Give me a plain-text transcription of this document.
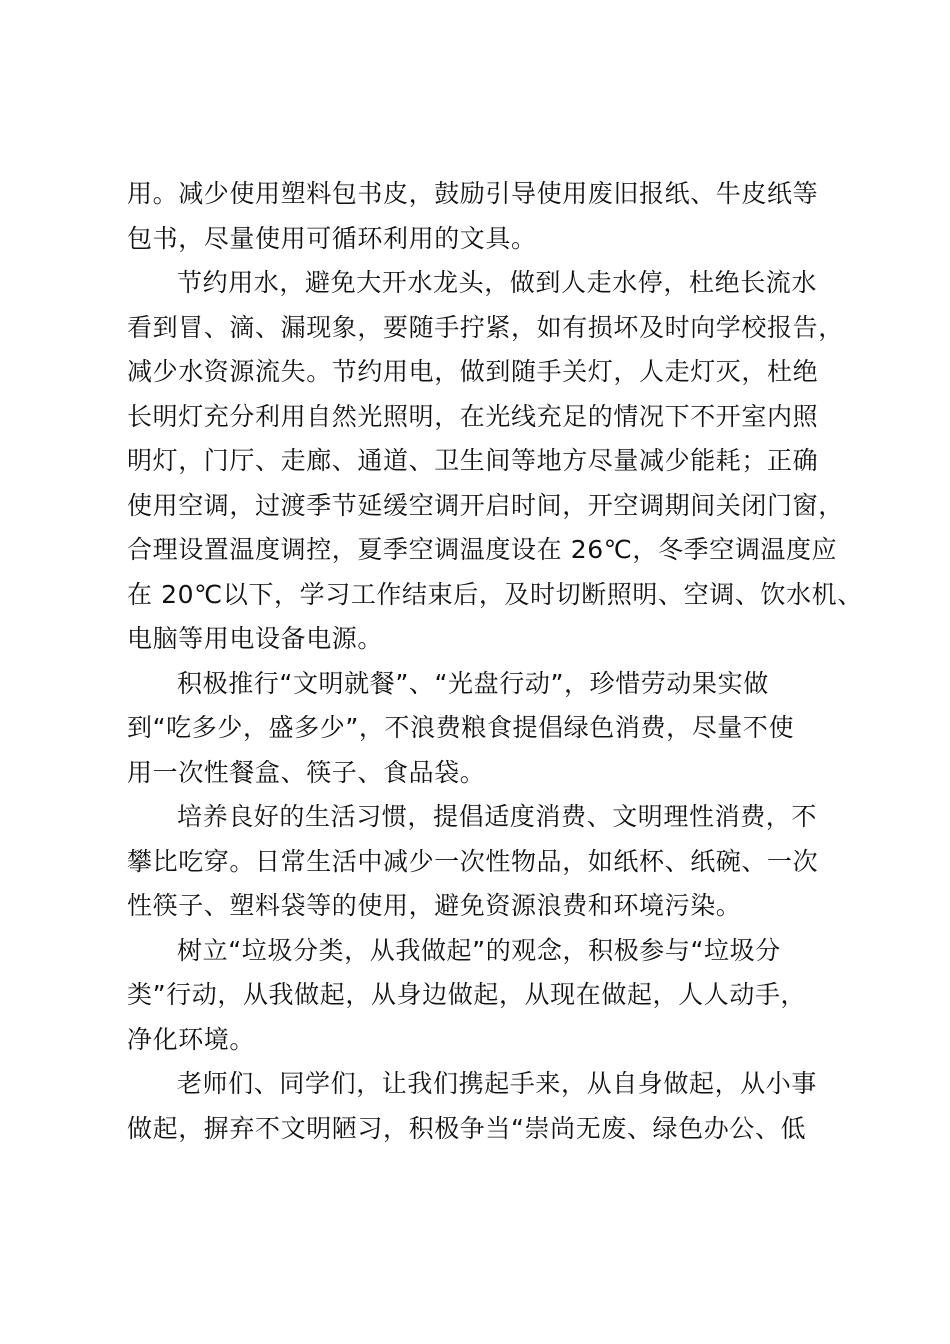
用。减少使用塑料包书皮，鼓励引导使用废旧报纸、牛皮纸等
包书，尽量使用可循环利用的文具。
节约用水，避免大开水龙头，做到人走水停，杜绝长流水
看到冒、滴、漏现象，要随手拧紧，如有损坏及时向学校报告，
减少水资源流失。节约用电，做到随手关灯，人走灯灭，杜绝
长明灯充分利用自然光照明，在光线充足的情况下不开室内照
明灯，门厅、走廊、通道、卫生间等地方尽量减少能耗；正确
使用空调，过渡季节延缓空调开启时间，开空调期间关闭门窗，
合理设置温度调控，夏季空调温度设在 26℃，冬季空调温度应
在 20℃以下，学习工作结束后，及时切断照明、空调、饮水机、
电脑等用电设备电源。
积极推行“文明就餐”、“光盘行动”，珍惜劳动果实做
到“吃多少，盛多少”，不浪费粮食提倡绿色消费，尽量不使
用一次性餐盒、筷子、食品袋。
培养良好的生活习惯，提倡适度消费、文明理性消费，不
攀比吃穿。日常生活中减少一次性物品，如纸杯、纸碗、一次
性筷子、塑料袋等的使用，避免资源浪费和环境污染。
树立“垃圾分类，从我做起”的观念，积极参与“垃圾分
类”行动，从我做起，从身边做起，从现在做起，人人动手，
净化环境。
老师们、同学们，让我们携起手来，从自身做起，从小事
做起，摒弃不文明陋习，积极争当“崇尚无废、绿色办公、低
